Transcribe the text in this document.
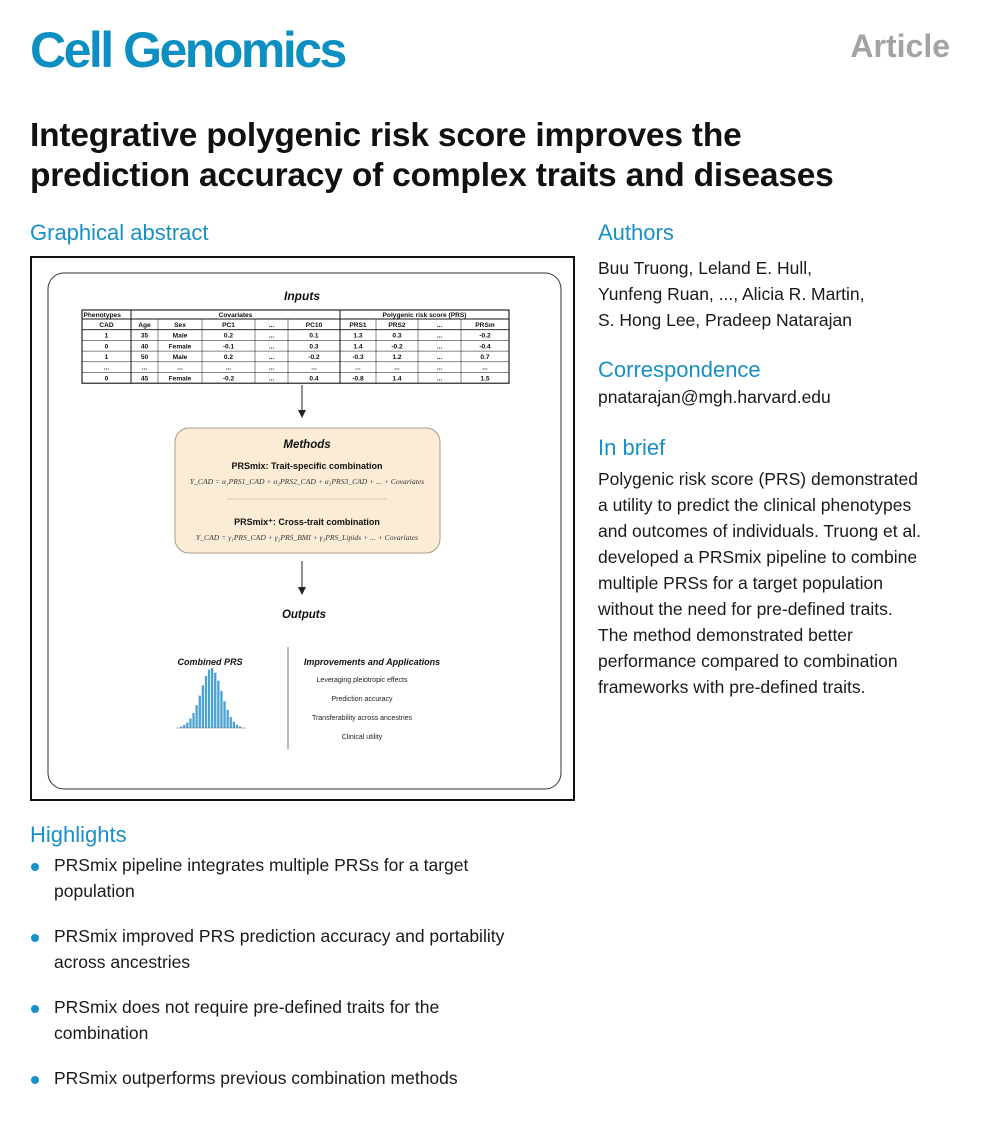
Cell Genomics	Article
Integrative polygenic risk score improves the
prediction accuracy of complex traits and diseases
Graphical abstract
Inputs
Phenotypes	Covariates	Polygenic risk score (PRS)
CAD	Age	Sex	PC1	...	PC10	PRS1	PRS2	...	PRSm
1	35	Male	0.2	...	0.1	1.3	0.3	...	-0.2
0	40	Female	-0.1	...	0.3	1.4	-0.2	...	-0.4
1	50	Male	0.2	...	-0.2	-0.3	1.2	...	0.7
...	...	...	...	...	...	...	...	...	...
0	45	Female	-0.2	...	0.4	-0.8	1.4	...	1.5
Methods
PRSmix: Trait-specific combination
Y_CAD = α₁PRS1_CAD + α₂PRS2_CAD + α₃PRS3_CAD + ... + Covariates
PRSmix⁺: Cross-trait combination
Y_CAD = γ₁PRS_CAD + γ₂PRS_BMI + γ₃PRS_Lipids + ... + Covariates
Outputs
Combined PRS	Improvements and Applications
Leveraging pleiotropic effects
Prediction accuracy
Transferability across ancestries
Clinical utility
Authors
Buu Truong, Leland E. Hull,
Yunfeng Ruan, ..., Alicia R. Martin,
S. Hong Lee, Pradeep Natarajan
Correspondence
pnatarajan@mgh.harvard.edu
In brief
Polygenic risk score (PRS) demonstrated
a utility to predict the clinical phenotypes
and outcomes of individuals. Truong et al.
developed a PRSmix pipeline to combine
multiple PRSs for a target population
without the need for pre-defined traits.
The method demonstrated better
performance compared to combination
frameworks with pre-defined traits.
Highlights
PRSmix pipeline integrates multiple PRSs for a target
population
PRSmix improved PRS prediction accuracy and portability
across ancestries
PRSmix does not require pre-defined traits for the
combination
PRSmix outperforms previous combination methods
